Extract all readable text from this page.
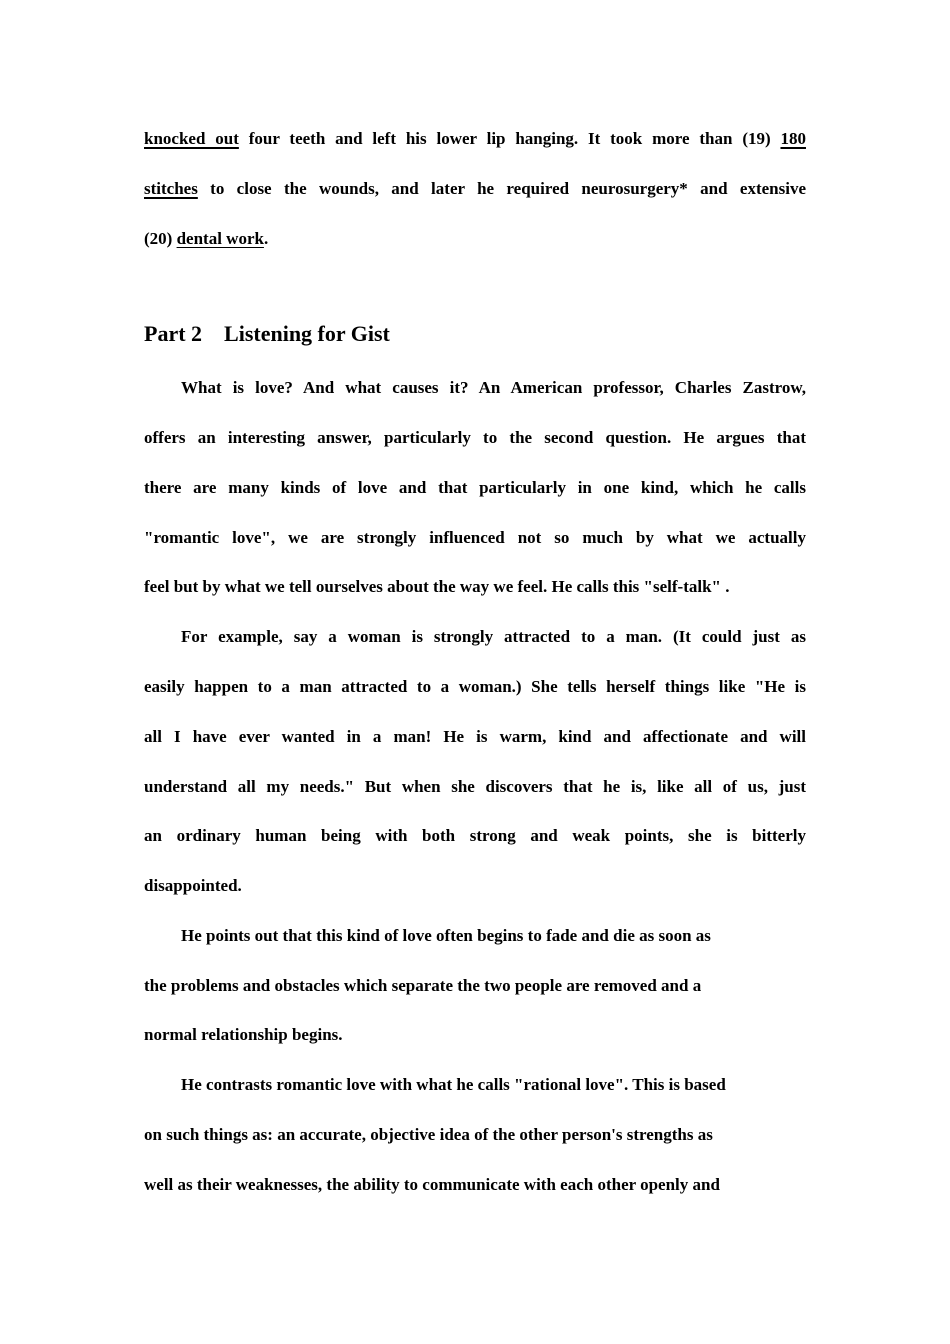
knocked out four teeth and left his lower lip hanging. It took more than (19) 180
stitches to close the wounds, and later he required neurosurgery* and extensive
(20) dental work.
Part 2    Listening for Gist
What is love? And what causes it? An American professor, Charles Zastrow,
offers an interesting answer, particularly to the second question. He argues that
there are many kinds of love and that particularly in one kind, which he calls
"romantic love", we are strongly influenced not so much by what we actually
feel but by what we tell ourselves about the way we feel. He calls this "self-talk" .
For example, say a woman is strongly attracted to a man. (It could just as
easily happen to a man attracted to a woman.) She tells herself things like "He is
all I have ever wanted in a man! He is warm, kind and affectionate and will
understand all my needs." But when she discovers that he is, like all of us, just
an ordinary human being with both strong and weak points, she is bitterly
disappointed.
He points out that this kind of love often begins to fade and die as soon as
the problems and obstacles which separate the two people are removed and a
normal relationship begins.
He contrasts romantic love with what he calls "rational love". This is based
on such things as: an accurate, objective idea of the other person's strengths as
well as their weaknesses, the ability to communicate with each other openly and
